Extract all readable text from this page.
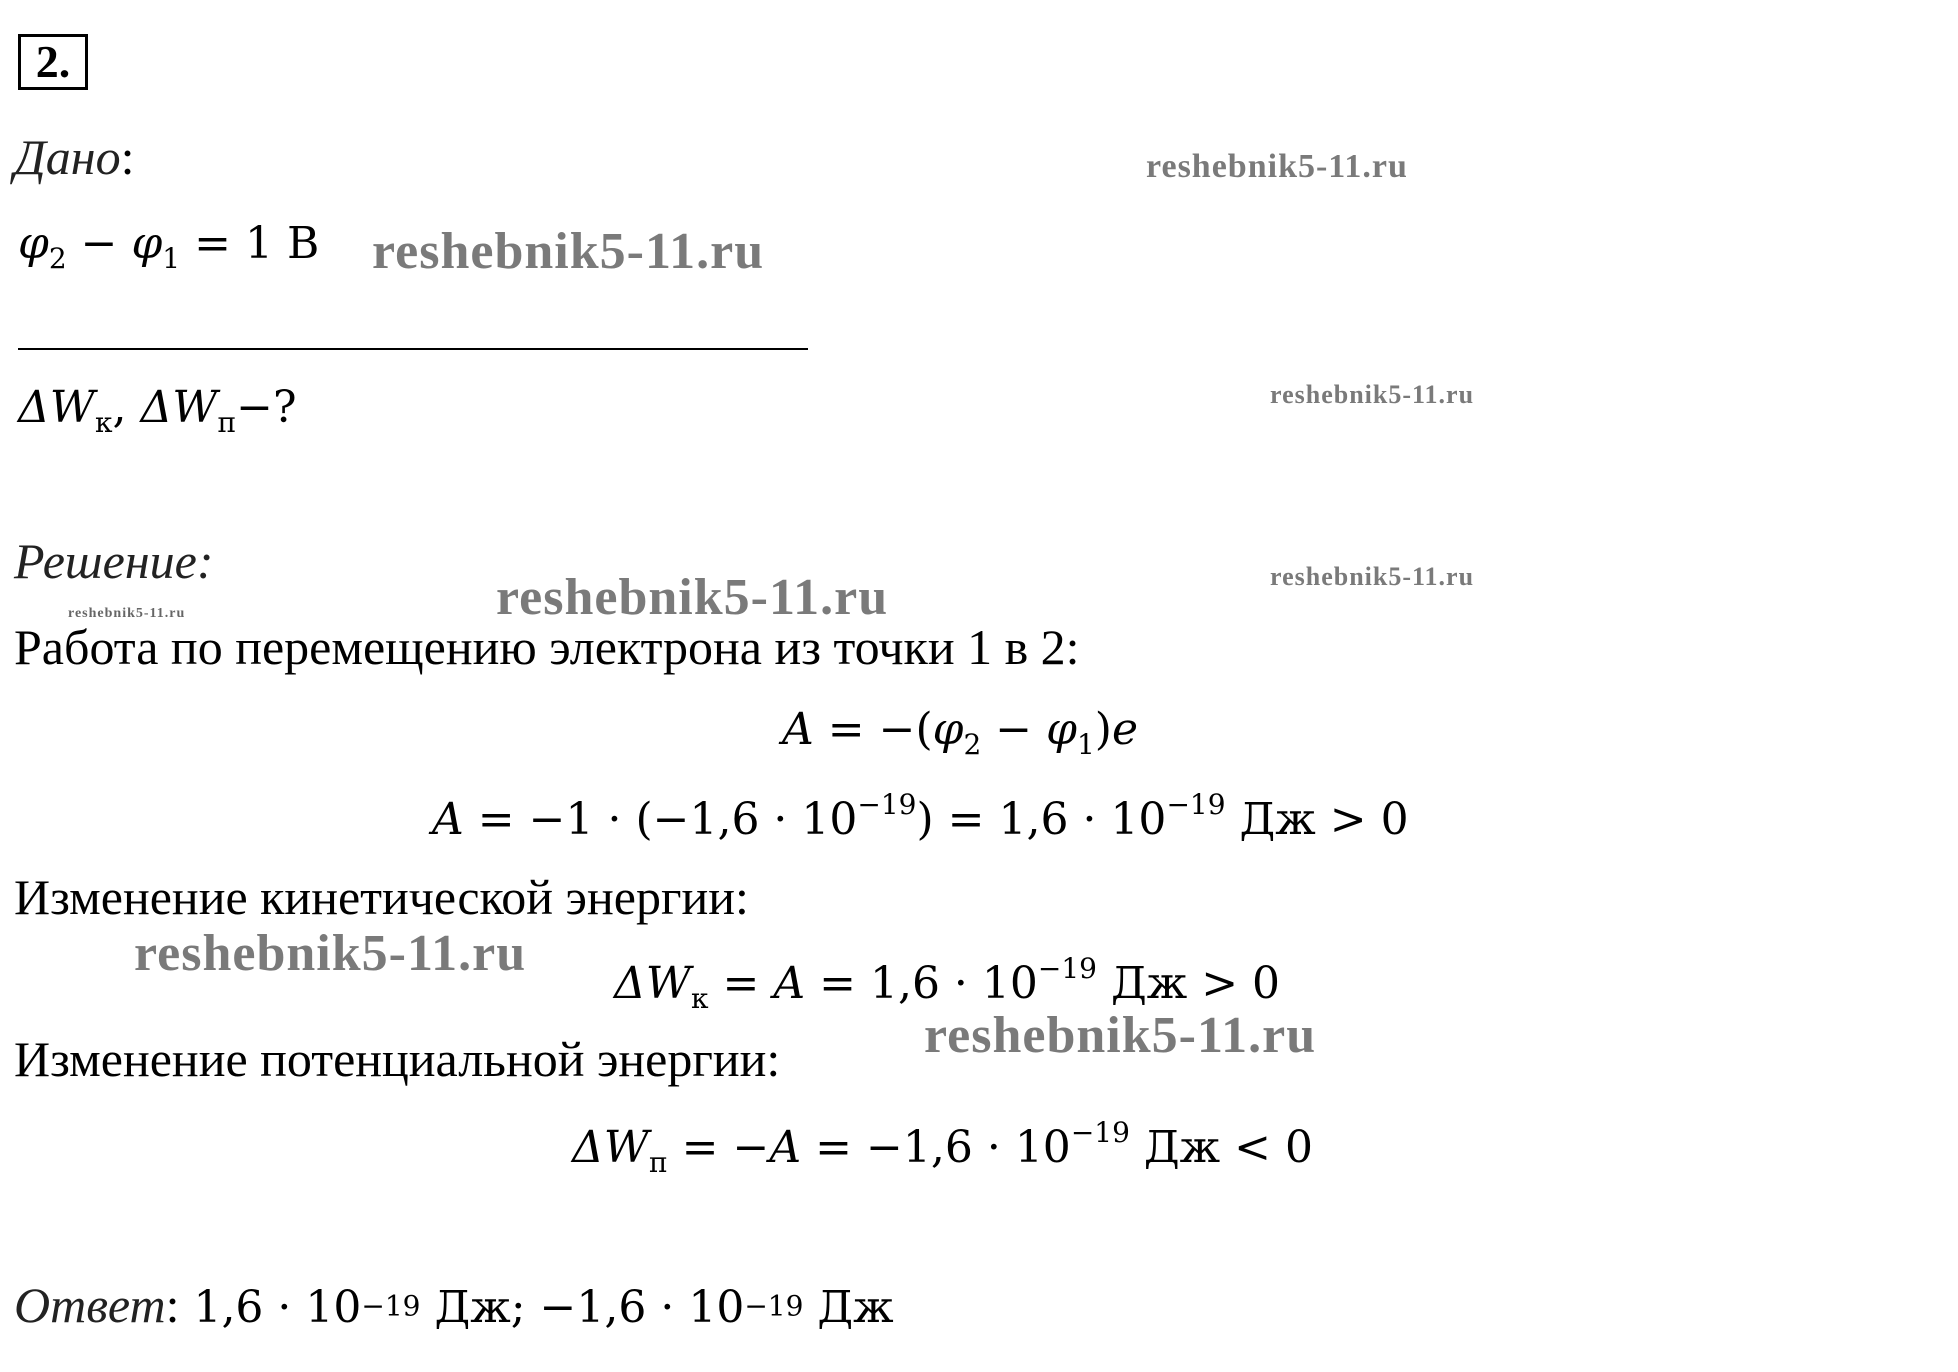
2.
Дано:
$\varphi_2 - \varphi_1 = 1$ В
$\Delta W_к$, $\Delta W_п-$?
Решение:
Работа по перемещению электрона из точки 1 в 2:
$A = -(\varphi_2 - \varphi_1)e$
$A = -1 \cdot (-1,6 \cdot 10^{-19}) = 1,6 \cdot 10^{-19}$ Дж > 0
Изменение кинетической энергии:
$\Delta W_к = A = 1,6 \cdot 10^{-19}$ Дж > 0
Изменение потенциальной энергии:
$\Delta W_п = -A = -1,6 \cdot 10^{-19}$ Дж < 0
Ответ: $1,6 \cdot 10^{-19}$ Дж; $-1,6 \cdot 10^{-19}$ Дж
reshebnik5-11.ru
reshebnik5-11.ru
reshebnik5-11.ru
reshebnik5-11.ru
reshebnik5-11.ru
reshebnik5-11.ru
reshebnik5-11.ru
reshebnik5-11.ru
